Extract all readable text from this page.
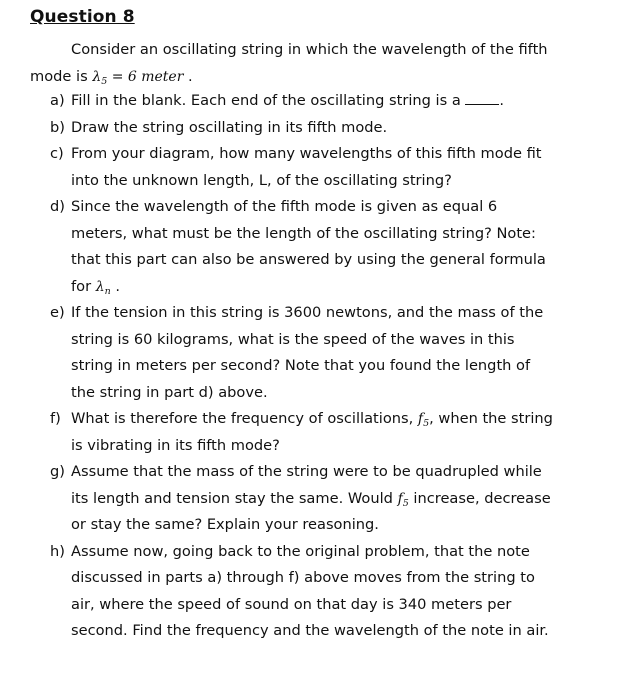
Question 8
Consider an oscillating string in which the wavelength of the fifth
mode is $\lambda_5 = 6$ meter .
a) Fill in the blank. Each end of the oscillating string is a	.
b) Draw the string oscillating in its fifth mode.
c) From your diagram, how many wavelengths of this fifth mode fit into the unknown length, L, of the oscillating string?
d) Since the wavelength of the fifth mode is given as equal 6 meters, what must be the length of the oscillating string? Note: that this part can also be answered by using the general formula for $\lambda_n$ .
e) If the tension in this string is 3600 newtons, and the mass of the string is 60 kilograms, what is the speed of the waves in this string in meters per second? Note that you found the length of the string in part d) above.
f) What is therefore the frequency of oscillations, $f_5$, when the string is vibrating in its fifth mode?
g) Assume that the mass of the string were to be quadrupled while its length and tension stay the same. Would $f_5$ increase, decrease or stay the same? Explain your reasoning.
h) Assume now, going back to the original problem, that the note discussed in parts a) through f) above moves from the string to air, where the speed of sound on that day is 340 meters per second. Find the frequency and the wavelength of the note in air.
